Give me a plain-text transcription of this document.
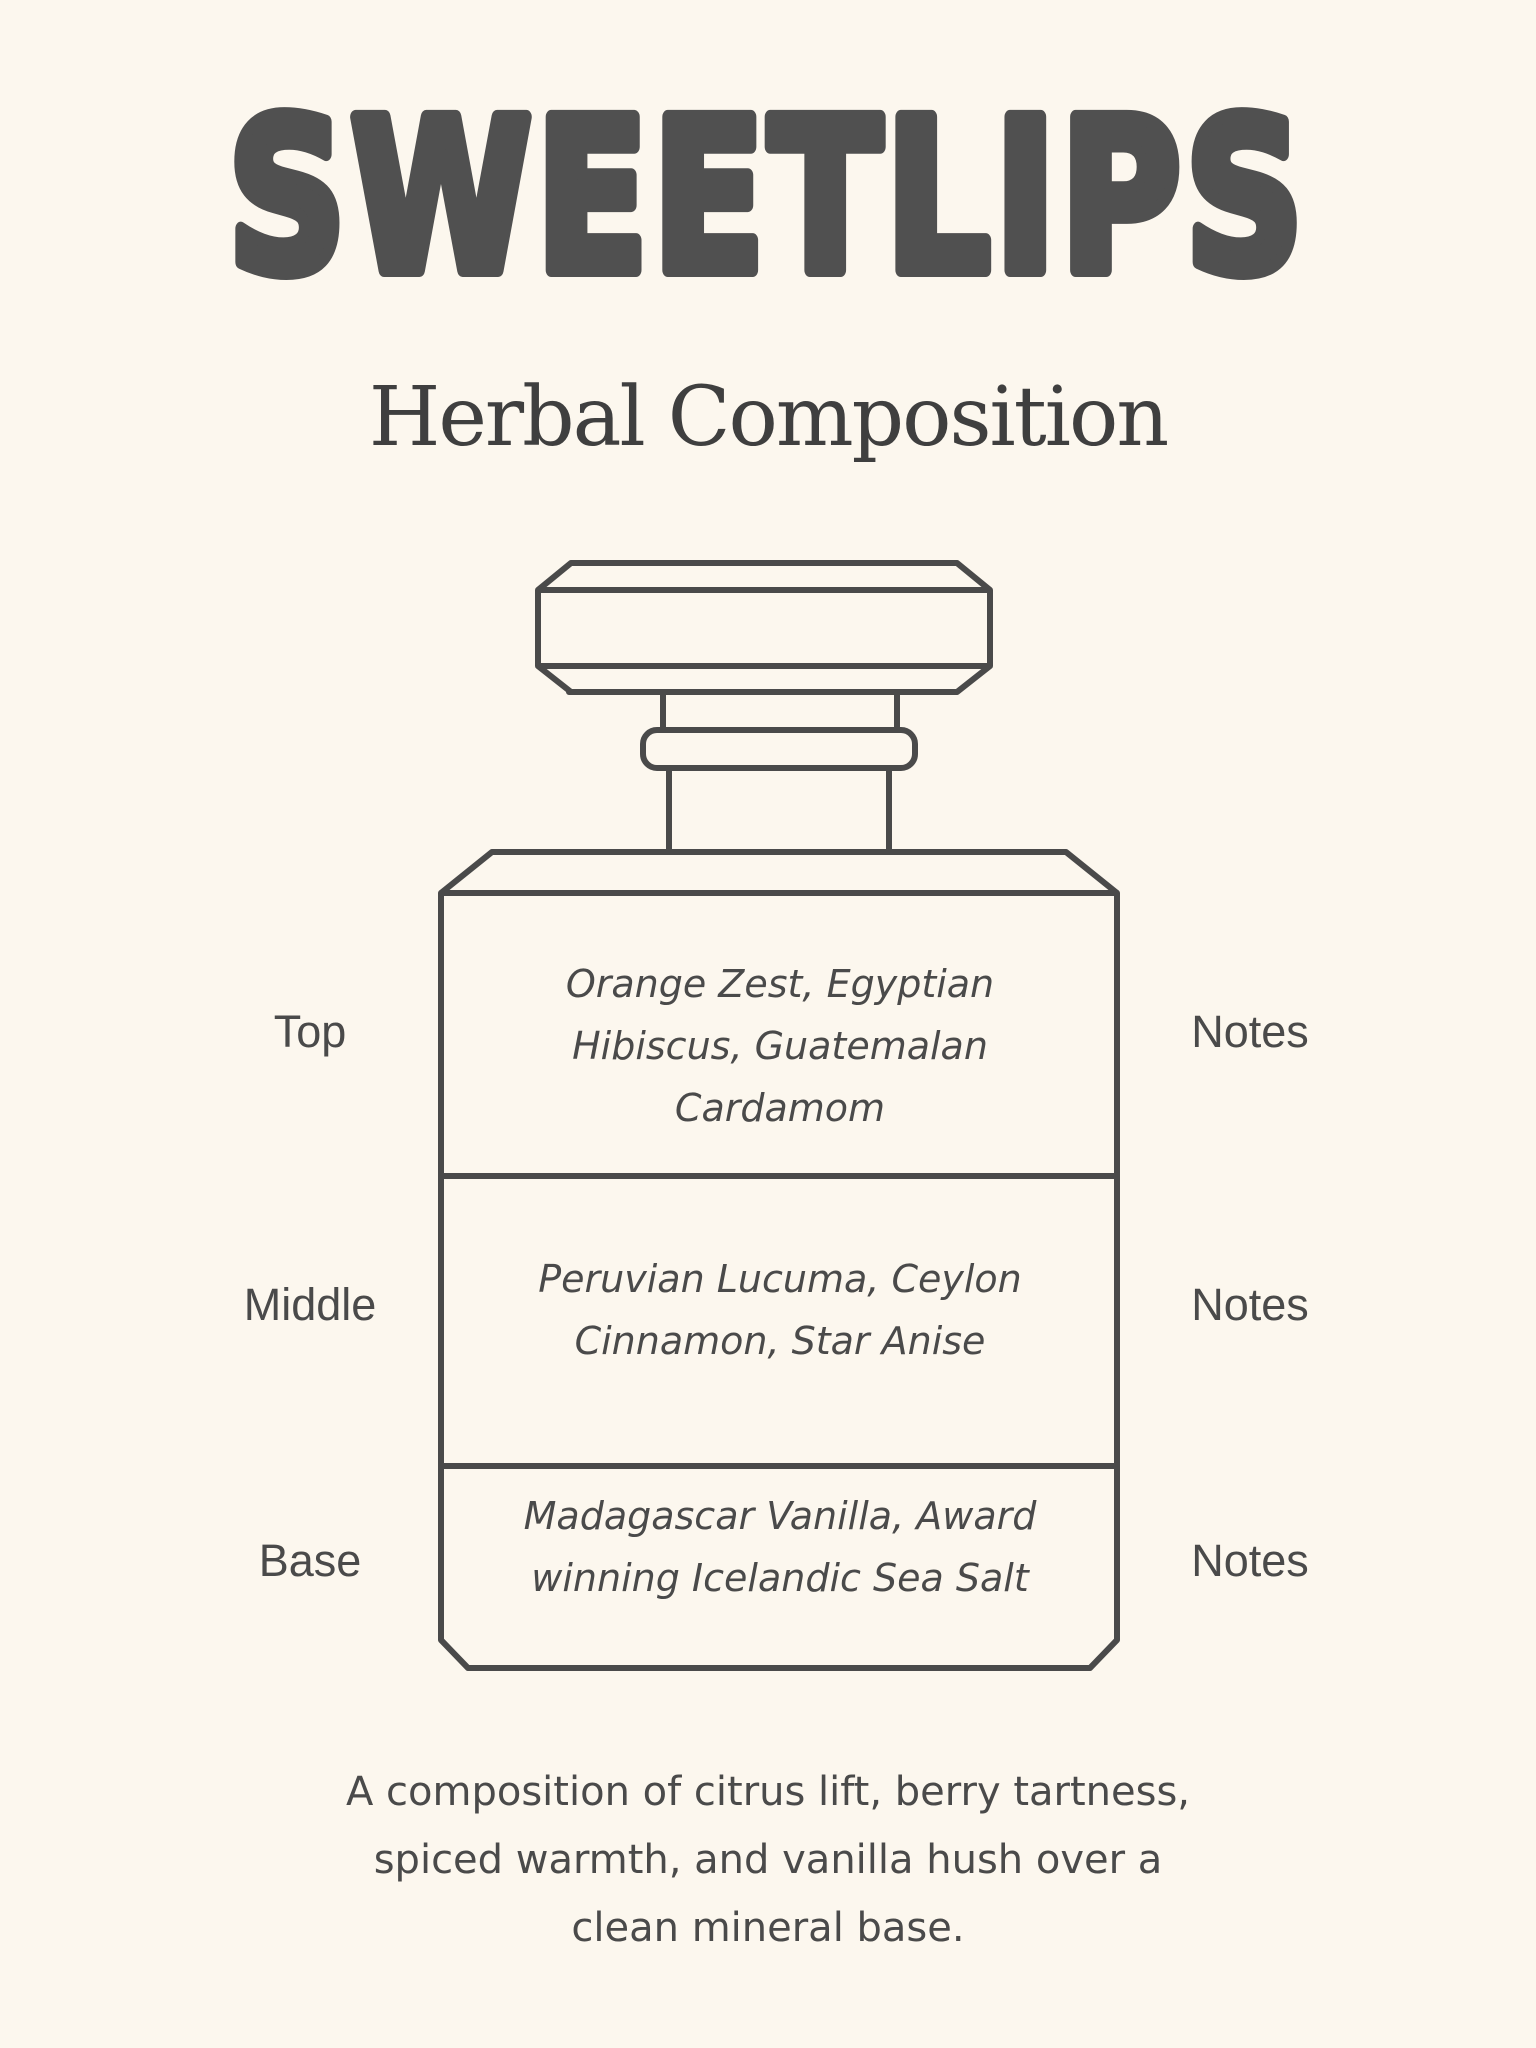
SWEETLIPS
Herbal Composition
Top
Orange Zest, Egyptian
Hibiscus, Guatemalan
Cardamom
Notes
Middle	Peruvian Lucuma, Ceylon
Cinnamon, Star Anise
Notes
Base
Madagascar Vanilla, Award
winning Icelandic Sea Salt	Notes
A composition of citrus lift, berry tartness,
spiced warmth, and vanilla hush over a
clean mineral base.
